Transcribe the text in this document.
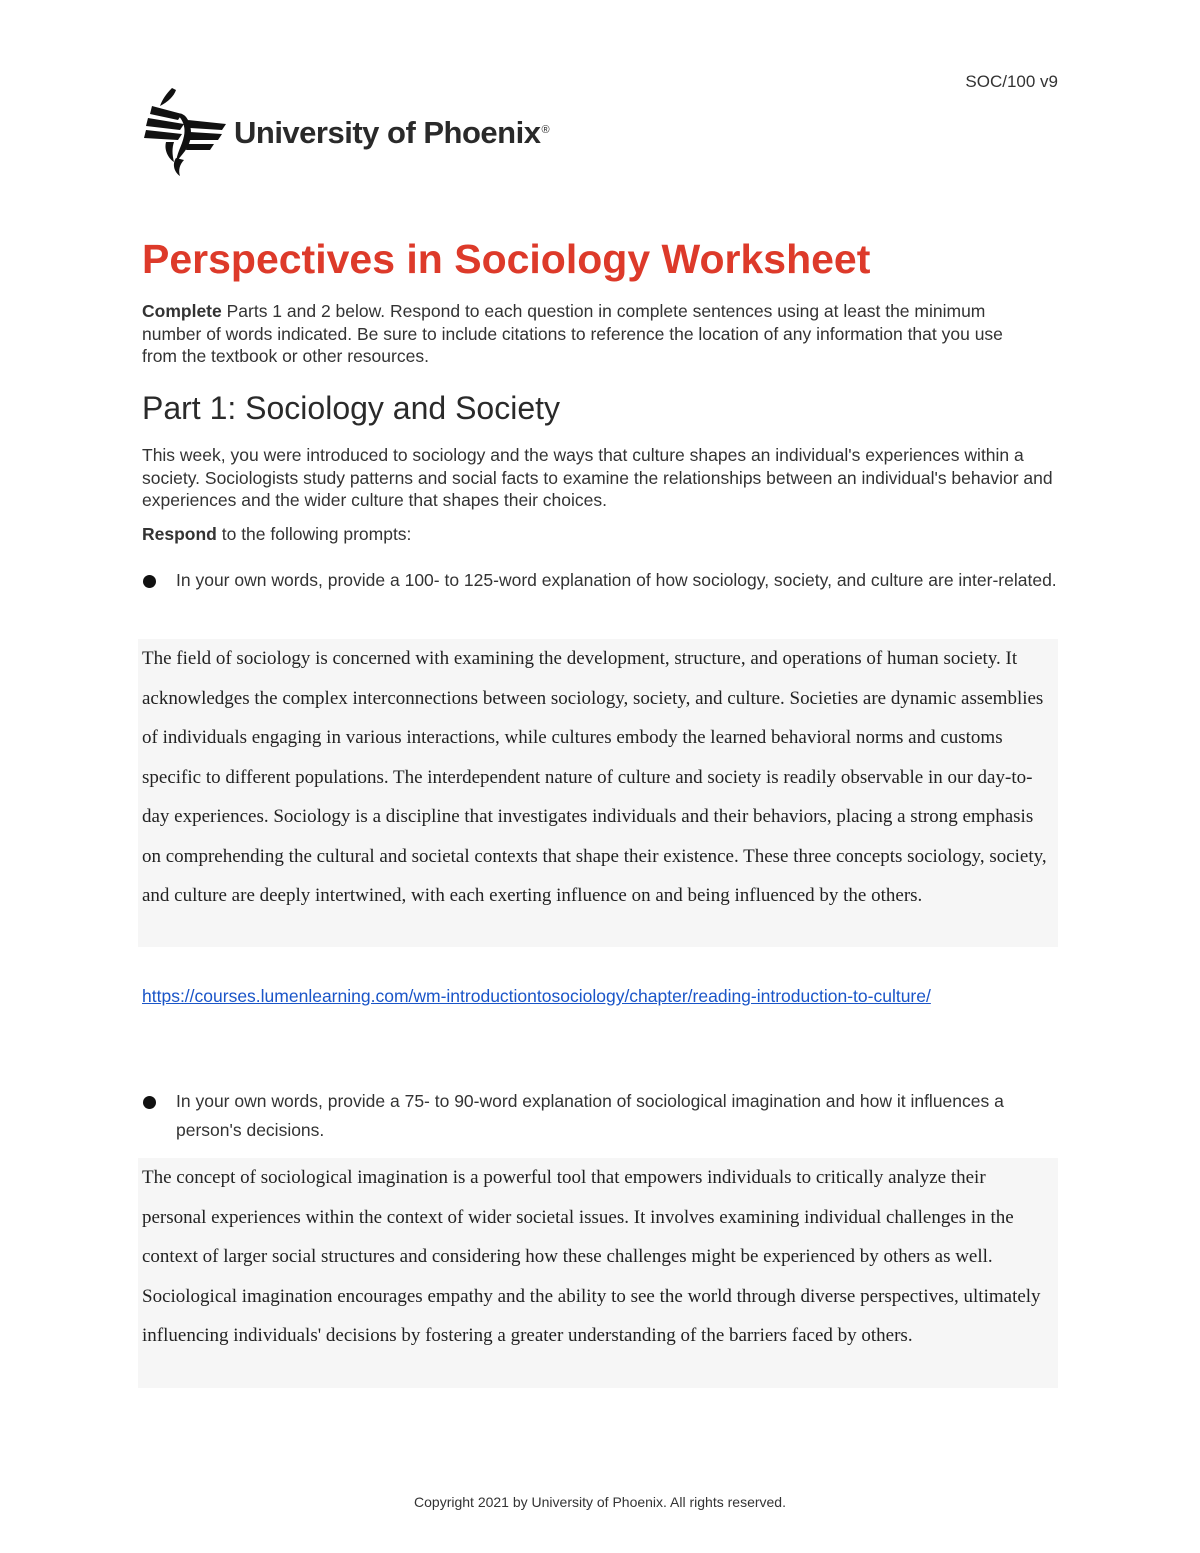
SOC/100 v9
University of Phoenix®
Perspectives in Sociology Worksheet

Complete Parts 1 and 2 below. Respond to each question in complete sentences using at least the minimum number of words indicated. Be sure to include citations to reference the location of any information that you use from the textbook or other resources.

Part 1: Sociology and Society

This week, you were introduced to sociology and the ways that culture shapes an individual's experiences within a society. Sociologists study patterns and social facts to examine the relationships between an individual's behavior and experiences and the wider culture that shapes their choices.

Respond to the following prompts:

In your own words, provide a 100- to 125-word explanation of how sociology, society, and culture are inter-related.
The field of sociology is concerned with examining the development, structure, and operations of human society. It acknowledges the complex interconnections between sociology, society, and culture. Societies are dynamic assemblies of individuals engaging in various interactions, while cultures embody the learned behavioral norms and customs specific to different populations. The interdependent nature of culture and society is readily observable in our day-to-day experiences. Sociology is a discipline that investigates individuals and their behaviors, placing a strong emphasis on comprehending the cultural and societal contexts that shape their existence. These three concepts sociology, society, and culture are deeply intertwined, with each exerting influence on and being influenced by the others.
https://courses.lumenlearning.com/wm-introductiontosociology/chapter/reading-introduction-to-culture/
In your own words, provide a 75- to 90-word explanation of sociological imagination and how it influences a person's decisions.
The concept of sociological imagination is a powerful tool that empowers individuals to critically analyze their personal experiences within the context of wider societal issues. It involves examining individual challenges in the context of larger social structures and considering how these challenges might be experienced by others as well. Sociological imagination encourages empathy and the ability to see the world through diverse perspectives, ultimately influencing individuals' decisions by fostering a greater understanding of the barriers faced by others.
Copyright 2021 by University of Phoenix. All rights reserved.
